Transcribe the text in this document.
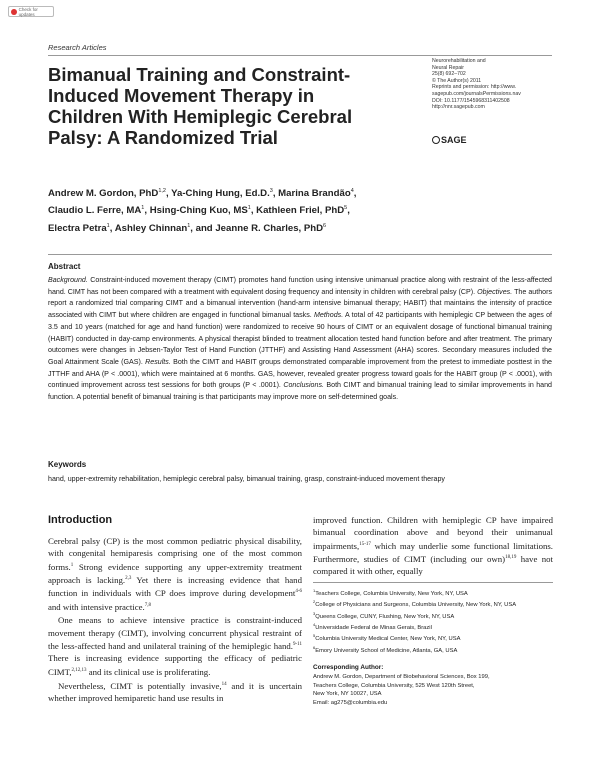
Check for updates
Research Articles
Bimanual Training and Constraint-Induced Movement Therapy in Children With Hemiplegic Cerebral Palsy: A Randomized Trial
Neurorehabilitation and
Neural Repair
25(8) 692–702
© The Author(s) 2011
Reprints and permission: http://www.
sagepub.com/journalsPermissions.nav
DOI: 10.1177/1545968311402508
http://nnr.sagepub.com
SAGE
Andrew M. Gordon, PhD$^{1,2}$, Ya-Ching Hung, Ed.D.$^3$, Marina Brandão$^4$,
Claudio L. Ferre, $MA^1$, Hsing-Ching Kuo, $MS^1$, Kathleen Friel, PhD$^5$,
Electra Petra$^1$, Ashley Chinnan$^1$, and Jeanne R. Charles, PhD$^6$
Abstract
Background. Constraint-induced movement therapy (CIMT) promotes hand function using intensive unimanual practice along with restraint of the less-affected hand. CIMT has not been compared with a treatment with equivalent dosing frequency and intensity in children with cerebral palsy (CP). Objectives. The authors report a randomized trial comparing CIMT and a bimanual intervention (hand-arm intensive bimanual therapy; HABIT) that maintains the intensity of practice associated with CIMT but where children are engaged in functional bimanual tasks. Methods. A total of 42 participants with hemiplegic CP between the ages of 3.5 and 10 years (matched for age and hand function) were randomized to receive 90 hours of CIMT or an equivalent dosage of functional bimanual training (HABIT) conducted in day-camp environments. A physical therapist blinded to treatment allocation tested hand function before and after treatment. The primary outcomes were changes in Jebsen-Taylor Test of Hand Function (JTTHF) and Assisting Hand Assessment (AHA) scores. Secondary measures included the Goal Attainment Scale (GAS). Results. Both the CIMT and HABIT groups demonstrated comparable improvement from the pretest to immediate posttest in the JTTHF and AHA (P < .0001), which were maintained at 6 months. GAS, however, revealed greater progress toward goals for the HABIT group (P < .0001), with continued improvement across test sessions for both groups (P < .0001). Conclusions. Both CIMT and bimanual training lead to similar improvements in hand function. A potential benefit of bimanual training is that participants may improve more on self-determined goals.
Keywords
hand, upper-extremity rehabilitation, hemiplegic cerebral palsy, bimanual training, grasp, constraint-induced movement therapy
Introduction

Cerebral palsy (CP) is the most common pediatric physical disability, with congenital hemiparesis comprising one of the most common forms.$^1$ Strong evidence supporting any upper-extremity treatment approach is lacking.$^{2,3}$ Yet there is increasing evidence that hand function in individuals with CP does improve during development$^{4-6}$ and with intensive practice.$^{7,8}$

One means to achieve intensive practice is constraint-induced movement therapy (CIMT), involving concurrent physical restraint of the less-affected hand and unilateral training of the hemiplegic hand.$^{9-11}$ There is increasing evidence supporting the efficacy of pediatric CIMT,$^{2,12,13}$ and its clinical use is proliferating.

Nevertheless, CIMT is potentially invasive,$^{14}$ and it is uncertain whether improved hemiparetic hand use results in

improved function. Children with hemiplegic CP have impaired bimanual coordination above and beyond their unimanual impairments,$^{15-17}$ which may underlie some functional limitations. Furthermore, studies of CIMT (including our own)$^{18,19}$ have not compared it with other, equally

$^1$Teachers College, Columbia University, New York, NY, USA
$^2$College of Physicians and Surgeons, Columbia University, New York, NY, USA
$^3$Queens College, CUNY, Flushing, New York, NY, USA
$^4$Universidade Federal de Minas Gerais, Brazil
$^5$Columbia University Medical Center, New York, NY, USA
$^6$Emory University School of Medicine, Atlanta, GA, USA
Corresponding Author:
Andrew M. Gordon, Department of Biobehavioral Sciences, Box 199,
Teachers College, Columbia University, 525 West 120th Street,
New York, NY 10027, USA
Email: ag275@columbia.edu
